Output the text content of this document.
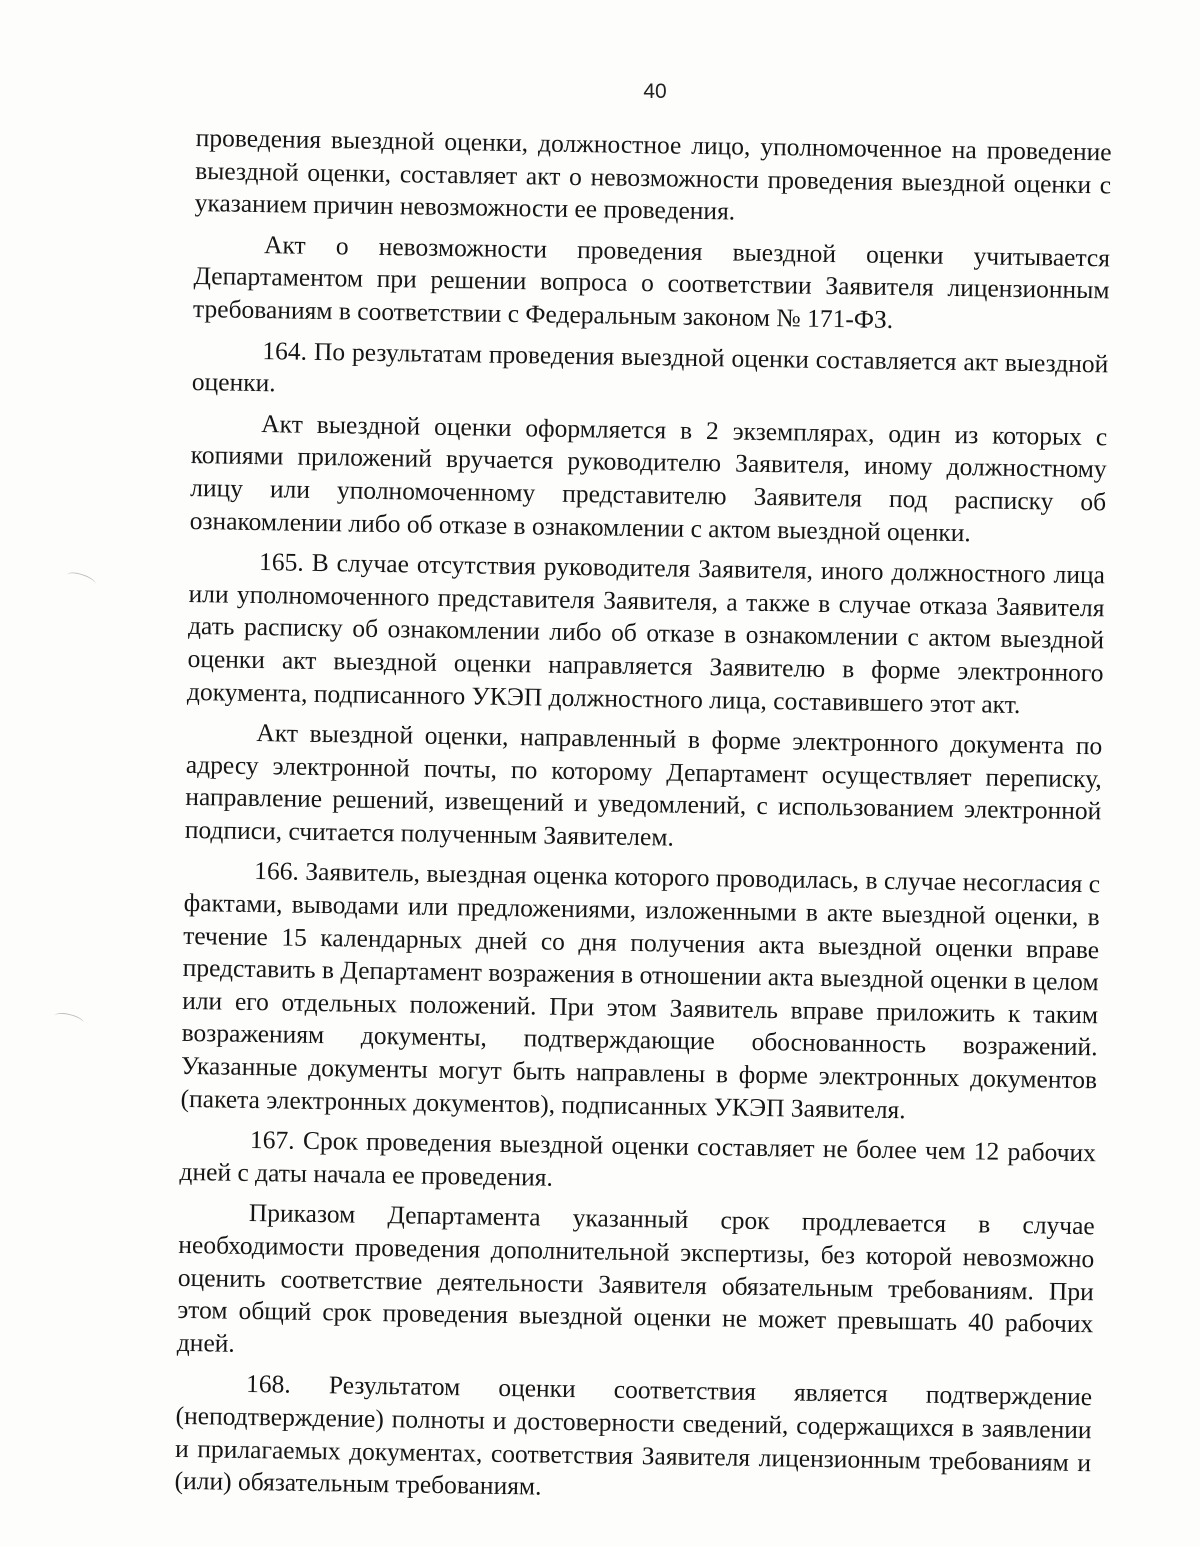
40

проведения выездной оценки, должностное лицо, уполномоченное на проведение выездной оценки, составляет акт о невозможности проведения выездной оценки с указанием причин невозможности ее проведения.

Акт о невозможности проведения выездной оценки учитывается Департаментом при решении вопроса о соответствии Заявителя лицензионным требованиям в соответствии с Федеральным законом № 171-ФЗ.

164. По результатам проведения выездной оценки составляется акт выездной оценки.

Акт выездной оценки оформляется в 2 экземплярах, один из которых с копиями приложений вручается руководителю Заявителя, иному должностному лицу или уполномоченному представителю Заявителя под расписку об ознакомлении либо об отказе в ознакомлении с актом выездной оценки.

165. В случае отсутствия руководителя Заявителя, иного должностного лица или уполномоченного представителя Заявителя, а также в случае отказа Заявителя дать расписку об ознакомлении либо об отказе в ознакомлении с актом выездной оценки акт выездной оценки направляется Заявителю в форме электронного документа, подписанного УКЭП должностного лица, составившего этот акт.

Акт выездной оценки, направленный в форме электронного документа по адресу электронной почты, по которому Департамент осуществляет переписку, направление решений, извещений и уведомлений, с использованием электронной подписи, считается полученным Заявителем.

166. Заявитель, выездная оценка которого проводилась, в случае несогласия с фактами, выводами или предложениями, изложенными в акте выездной оценки, в течение 15 календарных дней со дня получения акта выездной оценки вправе представить в Департамент возражения в отношении акта выездной оценки в целом или его отдельных положений. При этом Заявитель вправе приложить к таким возражениям документы, подтверждающие обоснованность возражений. Указанные документы могут быть направлены в форме электронных документов (пакета электронных документов), подписанных УКЭП Заявителя.

167. Срок проведения выездной оценки составляет не более чем 12 рабочих дней с даты начала ее проведения.

Приказом Департамента указанный срок продлевается в случае необходимости проведения дополнительной экспертизы, без которой невозможно оценить соответствие деятельности Заявителя обязательным требованиям. При этом общий срок проведения выездной оценки не может превышать 40 рабочих дней.

168. Результатом оценки соответствия является подтверждение (неподтверждение) полноты и достоверности сведений, содержащихся в заявлении и прилагаемых документах, соответствия Заявителя лицензионным требованиям и (или) обязательным требованиям.
